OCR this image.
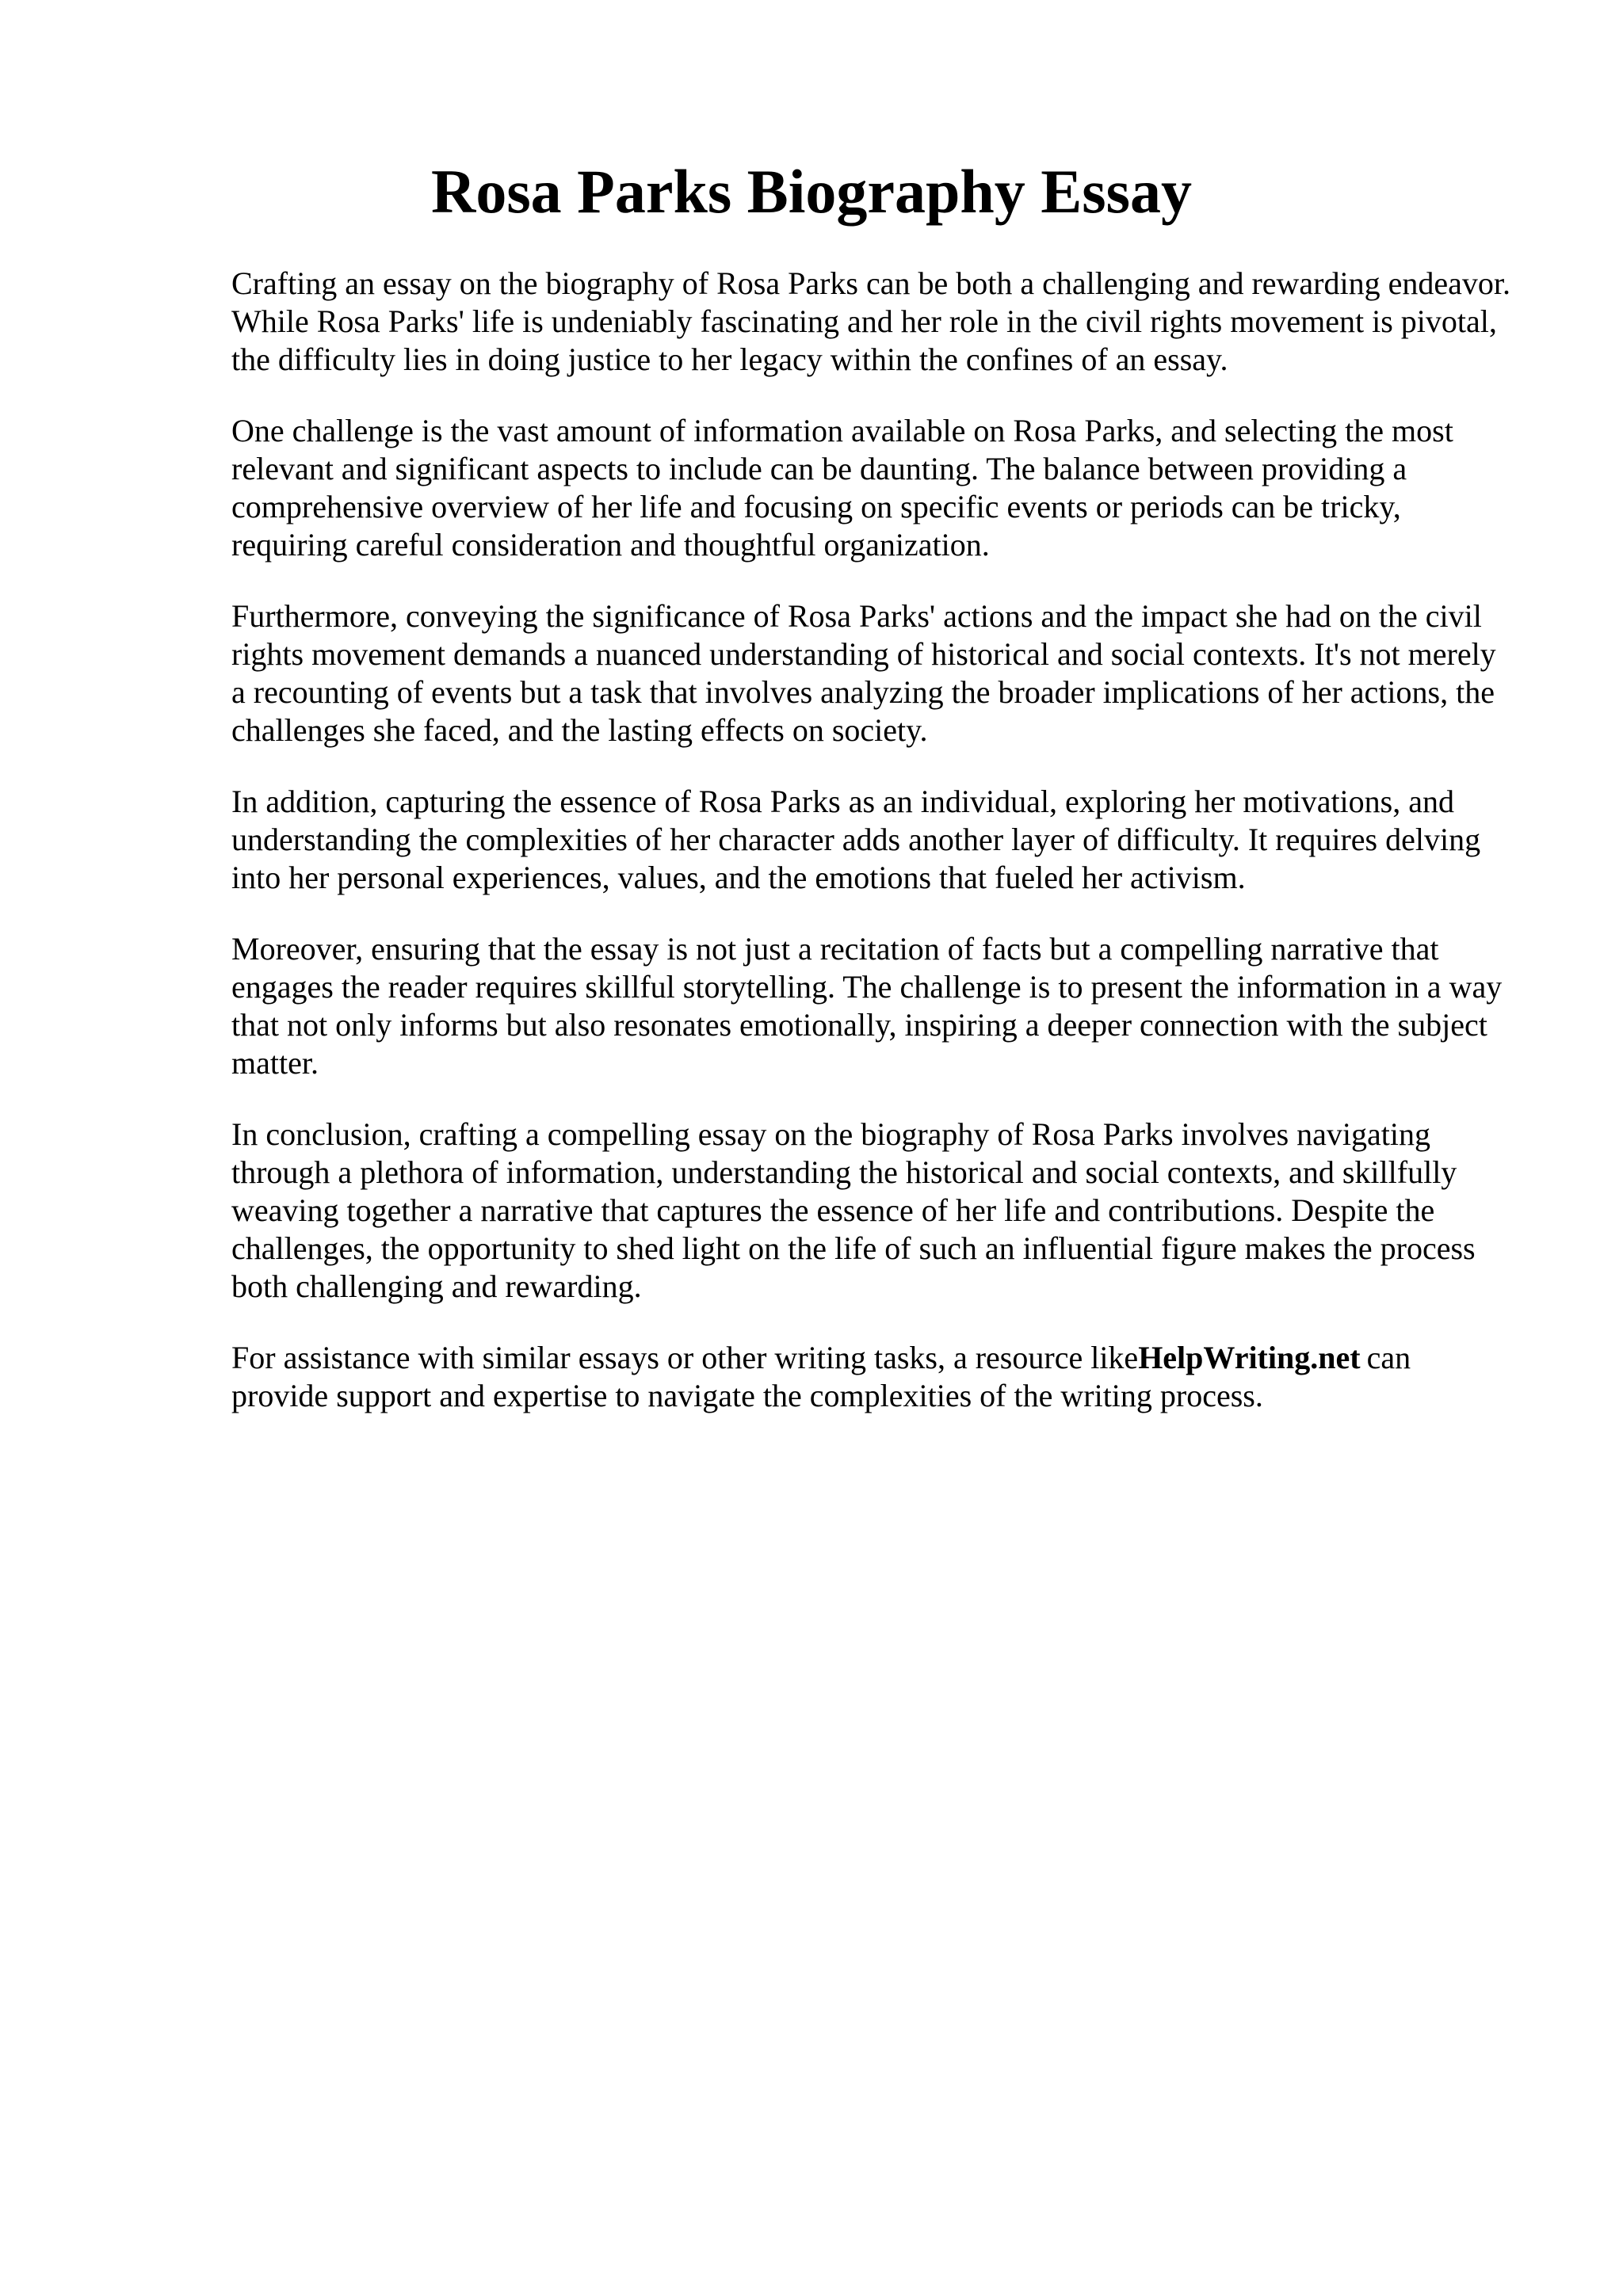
Rosa Parks Biography Essay

Crafting an essay on the biography of Rosa Parks can be both a challenging and rewarding endeavor. While Rosa Parks' life is undeniably fascinating and her role in the civil rights movement is pivotal, the difficulty lies in doing justice to her legacy within the confines of an essay.

One challenge is the vast amount of information available on Rosa Parks, and selecting the most relevant and significant aspects to include can be daunting. The balance between providing a comprehensive overview of her life and focusing on specific events or periods can be tricky, requiring careful consideration and thoughtful organization.

Furthermore, conveying the significance of Rosa Parks' actions and the impact she had on the civil rights movement demands a nuanced understanding of historical and social contexts. It's not merely a recounting of events but a task that involves analyzing the broader implications of her actions, the challenges she faced, and the lasting effects on society.

In addition, capturing the essence of Rosa Parks as an individual, exploring her motivations, and understanding the complexities of her character adds another layer of difficulty. It requires delving into her personal experiences, values, and the emotions that fueled her activism.

Moreover, ensuring that the essay is not just a recitation of facts but a compelling narrative that engages the reader requires skillful storytelling. The challenge is to present the information in a way that not only informs but also resonates emotionally, inspiring a deeper connection with the subject matter.

In conclusion, crafting a compelling essay on the biography of Rosa Parks involves navigating through a plethora of information, understanding the historical and social contexts, and skillfully weaving together a narrative that captures the essence of her life and contributions. Despite the challenges, the opportunity to shed light on the life of such an influential figure makes the process both challenging and rewarding.

For assistance with similar essays or other writing tasks, a resource likeHelpWriting.net can provide support and expertise to navigate the complexities of the writing process.
